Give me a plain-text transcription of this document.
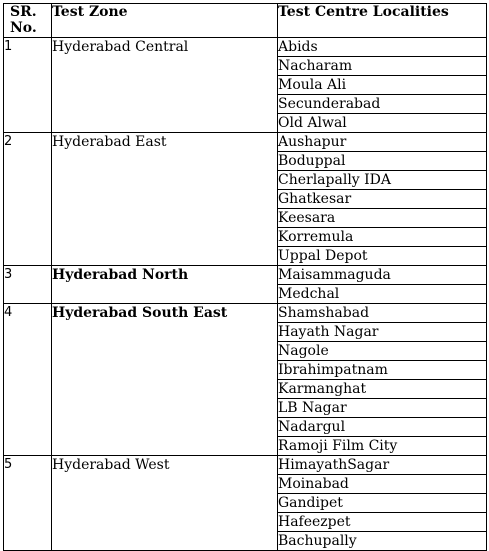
SR.
No.	Test Zone	Test Centre Localities
1	Hyderabad Central	Abids
		Nacharam
		Moula Ali
		Secunderabad
		Old Alwal
2	Hyderabad East	Aushapur
		Boduppal
		Cherlapally IDA
		Ghatkesar
		Keesara
		Korremula
		Uppal Depot
3	Hyderabad North	Maisammaguda
		Medchal
4	Hyderabad South East	Shamshabad
		Hayath Nagar
		Nagole
		Ibrahimpatnam
		Karmanghat
		LB Nagar
		Nadargul
		Ramoji Film City
5	Hyderabad West	HimayathSagar
		Moinabad
		Gandipet
		Hafeezpet
		Bachupally
